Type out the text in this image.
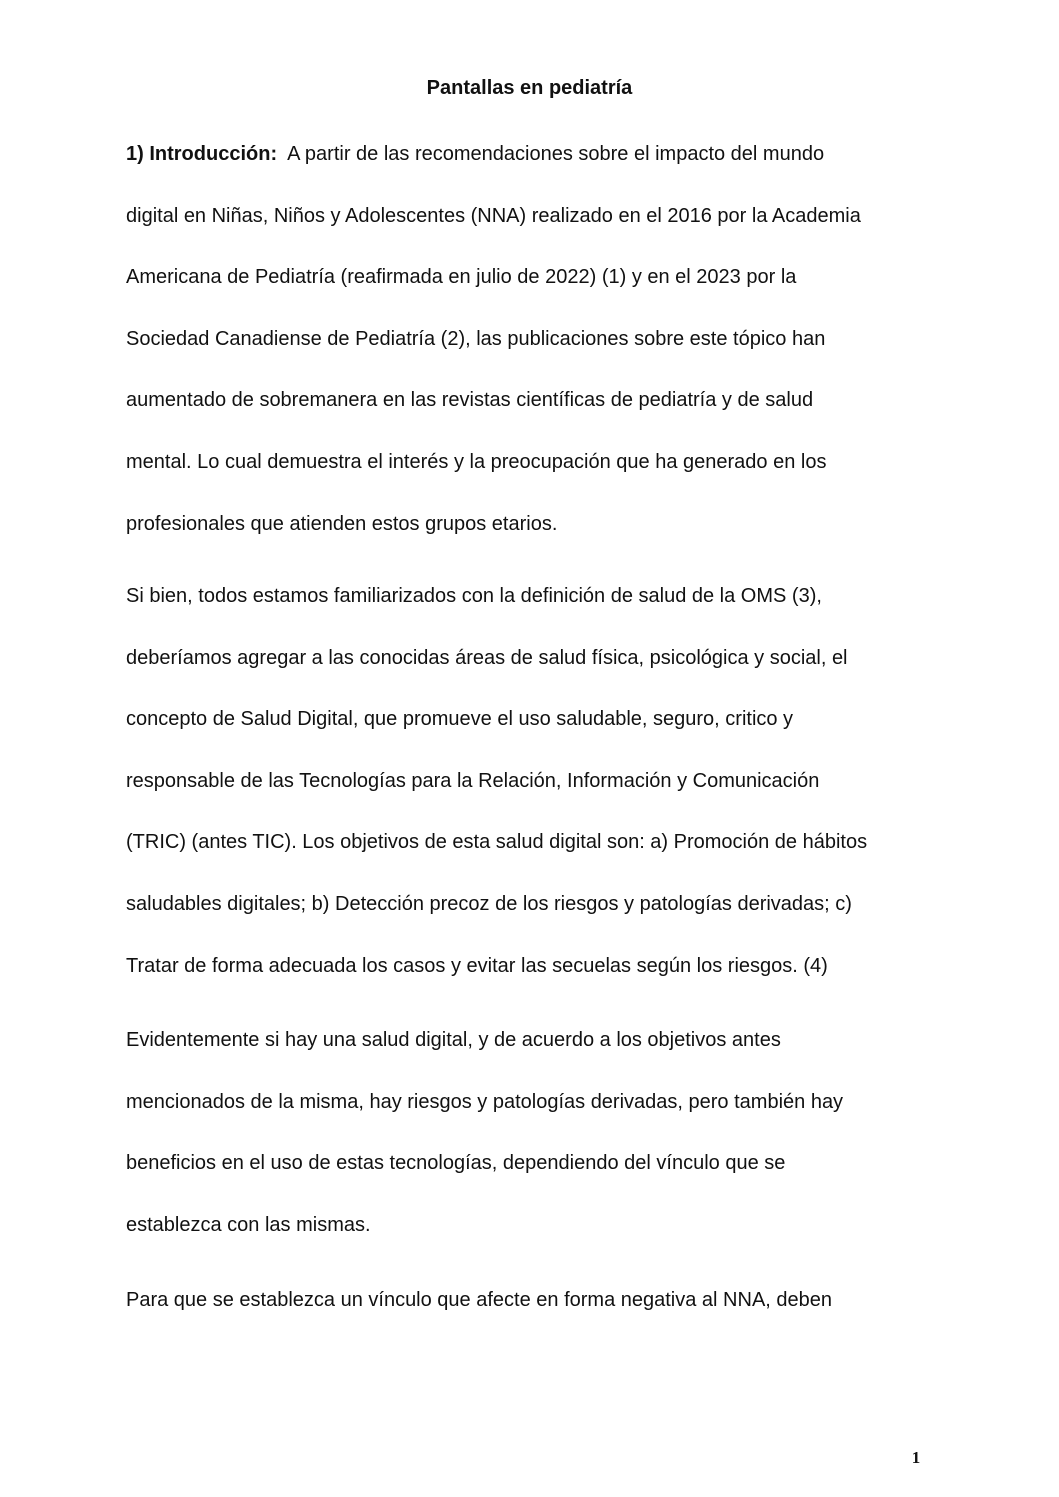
Pantallas en pediatría

1) Introducción:  A partir de las recomendaciones sobre el impacto del mundo
digital en Niñas, Niños y Adolescentes (NNA) realizado en el 2016 por la Academia
Americana de Pediatría (reafirmada en julio de 2022) (1) y en el 2023 por la
Sociedad Canadiense de Pediatría (2), las publicaciones sobre este tópico han
aumentado de sobremanera en las revistas científicas de pediatría y de salud
mental. Lo cual demuestra el interés y la preocupación que ha generado en los
profesionales que atienden estos grupos etarios.

Si bien, todos estamos familiarizados con la definición de salud de la OMS (3),
deberíamos agregar a las conocidas áreas de salud física, psicológica y social, el
concepto de Salud Digital, que promueve el uso saludable, seguro, critico y
responsable de las Tecnologías para la Relación, Información y Comunicación
(TRIC) (antes TIC). Los objetivos de esta salud digital son: a) Promoción de hábitos
saludables digitales; b) Detección precoz de los riesgos y patologías derivadas; c)
Tratar de forma adecuada los casos y evitar las secuelas según los riesgos. (4)

Evidentemente si hay una salud digital, y de acuerdo a los objetivos antes
mencionados de la misma, hay riesgos y patologías derivadas, pero también hay
beneficios en el uso de estas tecnologías, dependiendo del vínculo que se
establezca con las mismas.

Para que se establezca un vínculo que afecte en forma negativa al NNA, deben

1
